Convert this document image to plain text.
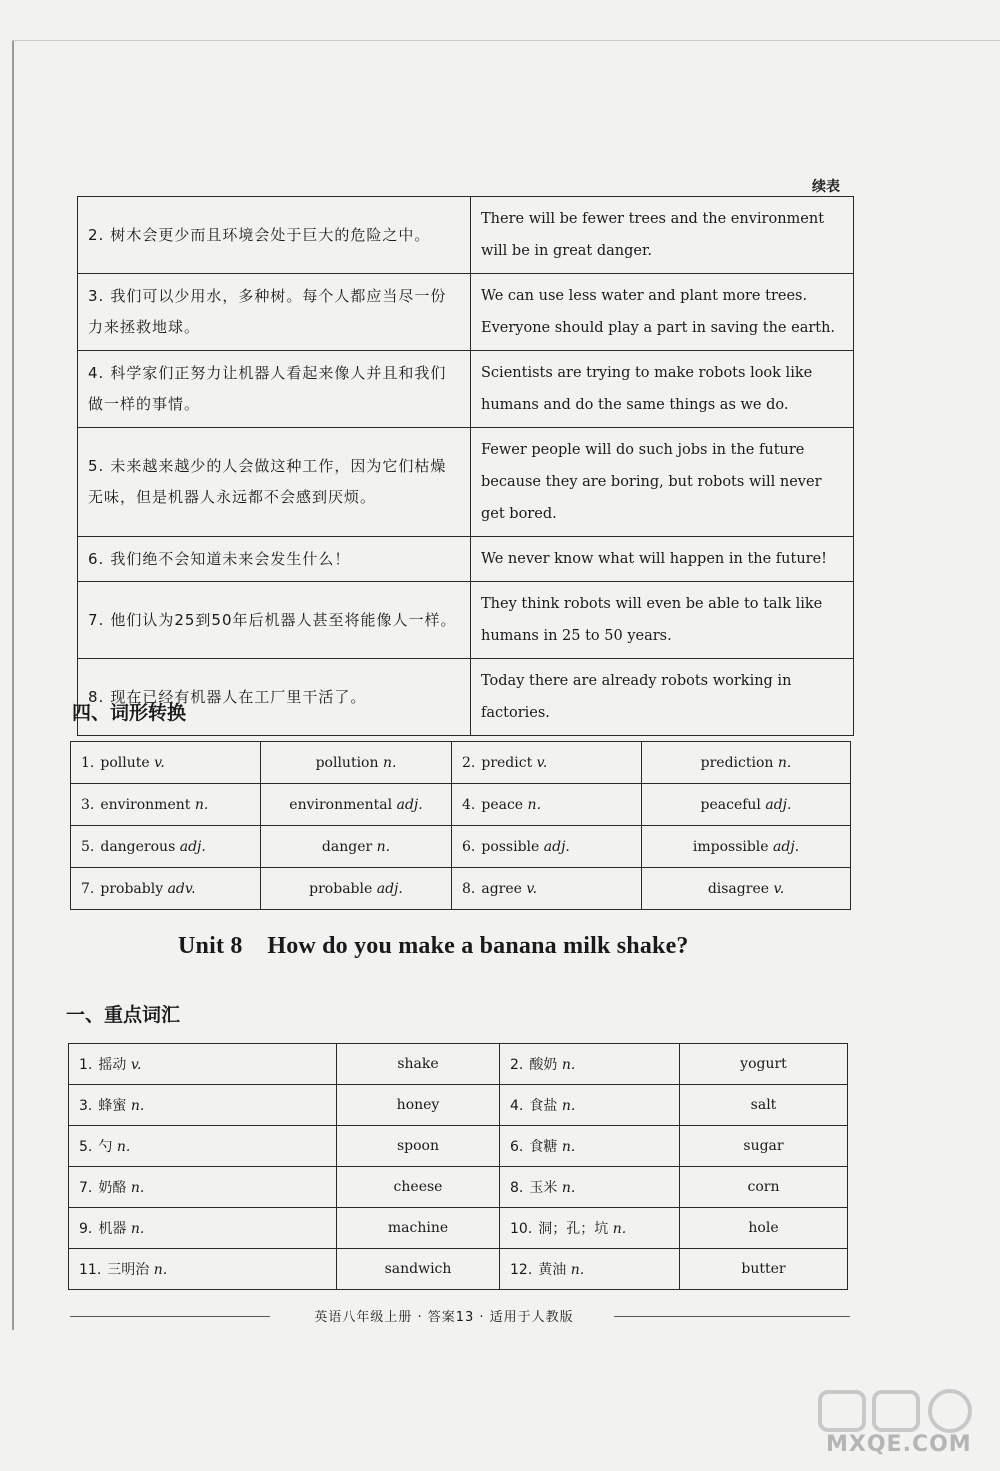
续表
2. 树木会更少而且环境会处于巨大的危险之中。	There will be fewer trees and the environment will be in great danger.
3. 我们可以少用水，多种树。每个人都应当尽一份力来拯救地球。	We can use less water and plant more trees. Everyone should play a part in saving the earth.
4. 科学家们正努力让机器人看起来像人并且和我们做一样的事情。	Scientists are trying to make robots look like humans and do the same things as we do.
5. 未来越来越少的人会做这种工作，因为它们枯燥无味，但是机器人永远都不会感到厌烦。	Fewer people will do such jobs in the future because they are boring, but robots will never get bored.
6. 我们绝不会知道未来会发生什么！	We never know what will happen in the future!
7. 他们认为25到50年后机器人甚至将能像人一样。	They think robots will even be able to talk like humans in 25 to 50 years.
8. 现在已经有机器人在工厂里干活了。	Today there are already robots working in factories.
四、词形转换
1. pollute v.	pollution n.	2. predict v.	prediction n.
3. environment n.	environmental adj.	4. peace n.	peaceful adj.
5. dangerous adj.	danger n.	6. possible adj.	impossible adj.
7. probably adv.	probable adj.	8. agree v.	disagree v.
Unit 8    How do you make a banana milk shake?
一、重点词汇
1. 摇动 v.	shake	2. 酸奶 n.	yogurt
3. 蜂蜜 n.	honey	4. 食盐 n.	salt
5. 勺 n.	spoon	6. 食糖 n.	sugar
7. 奶酪 n.	cheese	8. 玉米 n.	corn
9. 机器 n.	machine	10. 洞；孔；坑 n.	hole
11. 三明治 n.	sandwich	12. 黄油 n.	butter
英语八年级上册 · 答案13 · 适用于人教版
MXQE.COM
